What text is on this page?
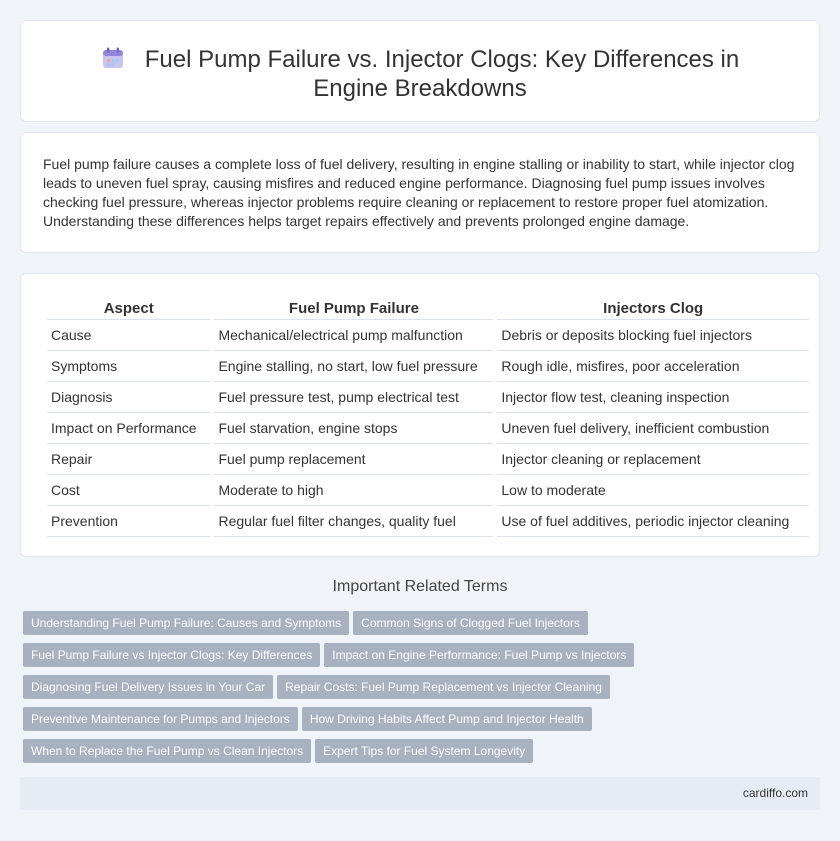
Fuel Pump Failure vs. Injector Clogs: Key Differences in Engine Breakdowns

Fuel pump failure causes a complete loss of fuel delivery, resulting in engine stalling or inability to start, while injector clog leads to uneven fuel spray, causing misfires and reduced engine performance. Diagnosing fuel pump issues involves checking fuel pressure, whereas injector problems require cleaning or replacement to restore proper fuel atomization. Understanding these differences helps target repairs effectively and prevents prolonged engine damage.

Aspect	Fuel Pump Failure	Injectors Clog
Cause	Mechanical/electrical pump malfunction	Debris or deposits blocking fuel injectors
Symptoms	Engine stalling, no start, low fuel pressure	Rough idle, misfires, poor acceleration
Diagnosis	Fuel pressure test, pump electrical test	Injector flow test, cleaning inspection
Impact on Performance	Fuel starvation, engine stops	Uneven fuel delivery, inefficient combustion
Repair	Fuel pump replacement	Injector cleaning or replacement
Cost	Moderate to high	Low to moderate
Prevention	Regular fuel filter changes, quality fuel	Use of fuel additives, periodic injector cleaning
Important Related Terms
Understanding Fuel Pump Failure: Causes and Symptoms Common Signs of Clogged Fuel Injectors
Fuel Pump Failure vs Injector Clogs: Key Differences Impact on Engine Performance: Fuel Pump vs Injectors
Diagnosing Fuel Delivery Issues in Your Car Repair Costs: Fuel Pump Replacement vs Injector Cleaning
Preventive Maintenance for Pumps and Injectors How Driving Habits Affect Pump and Injector Health
When to Replace the Fuel Pump vs Clean Injectors Expert Tips for Fuel System Longevity
cardiffo.com
